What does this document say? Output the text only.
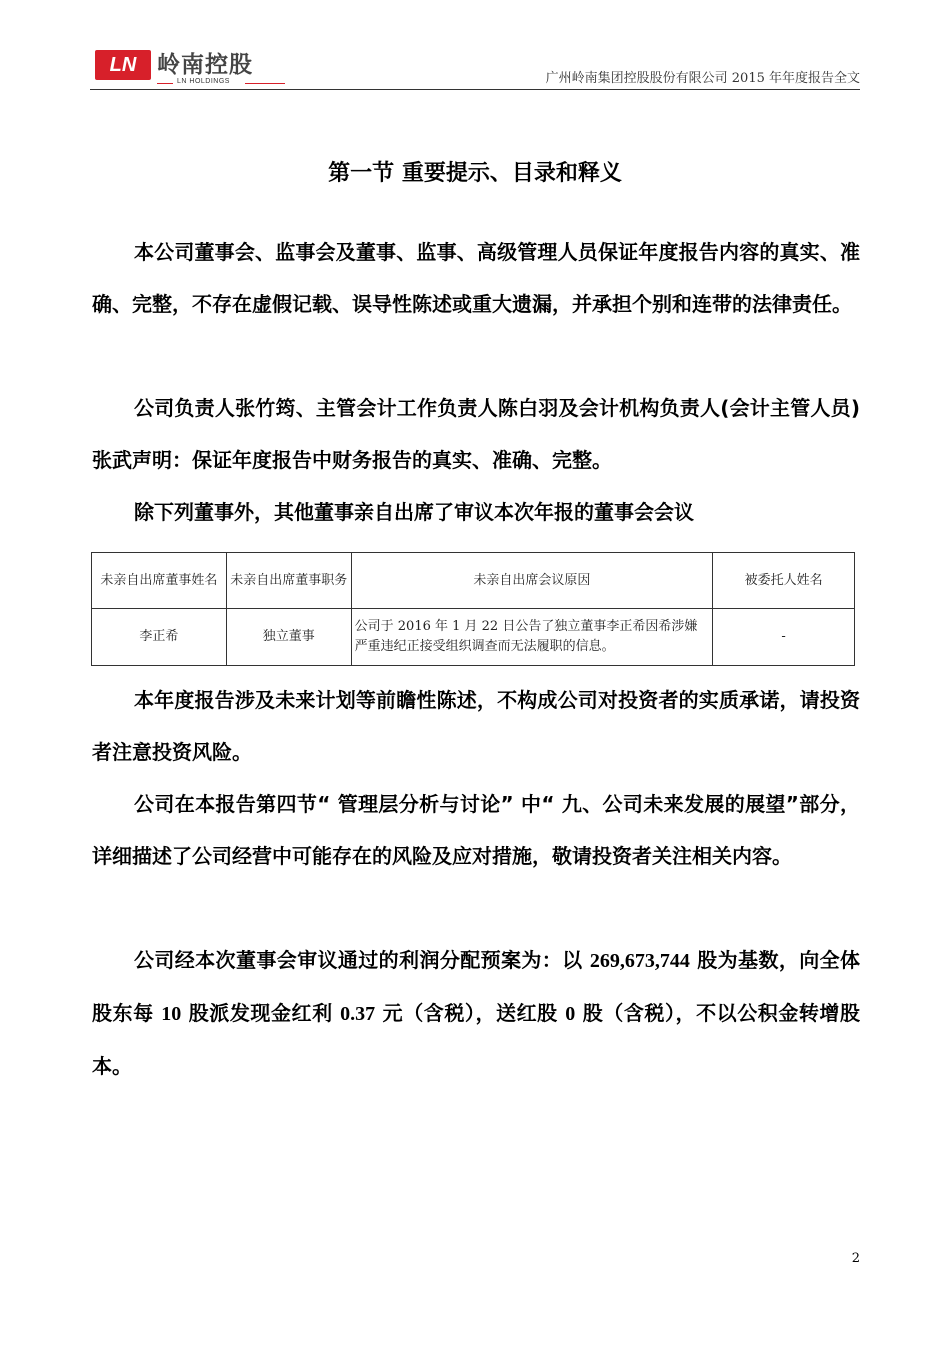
LN 岭南控股
LN HOLDINGS	广州岭南集团控股股份有限公司 2015 年年度报告全文
第一节 重要提示、目录和释义

本公司董事会、监事会及董事、监事、高级管理人员保证年度报告内容的真实、准确、完整，不存在虚假记载、误导性陈述或重大遗漏，并承担个别和连带的法律责任。

公司负责人张竹筠、主管会计工作负责人陈白羽及会计机构负责人(会计主管人员)张武声明：保证年度报告中财务报告的真实、准确、完整。

除下列董事外，其他董事亲自出席了审议本次年报的董事会会议

未亲自出席董事姓名	未亲自出席董事职务	未亲自出席会议原因	被委托人姓名
李正希	独立董事	公司于 2016 年 1 月 22 日公告了独立董事李正希因希涉嫌严重违纪正接受组织调查而无法履职的信息。	-

本年度报告涉及未来计划等前瞻性陈述，不构成公司对投资者的实质承诺，请投资者注意投资风险。

公司在本报告第四节“ 管理层分析与讨论” 中“ 九、公司未来发展的展望”部分，详细描述了公司经营中可能存在的风险及应对措施，敬请投资者关注相关内容。

公司经本次董事会审议通过的利润分配预案为：以 269,673,744 股为基数，向全体股东每 10 股派发现金红利 0.37 元（含税），送红股 0 股（含税），不以公积金转增股本。

2
